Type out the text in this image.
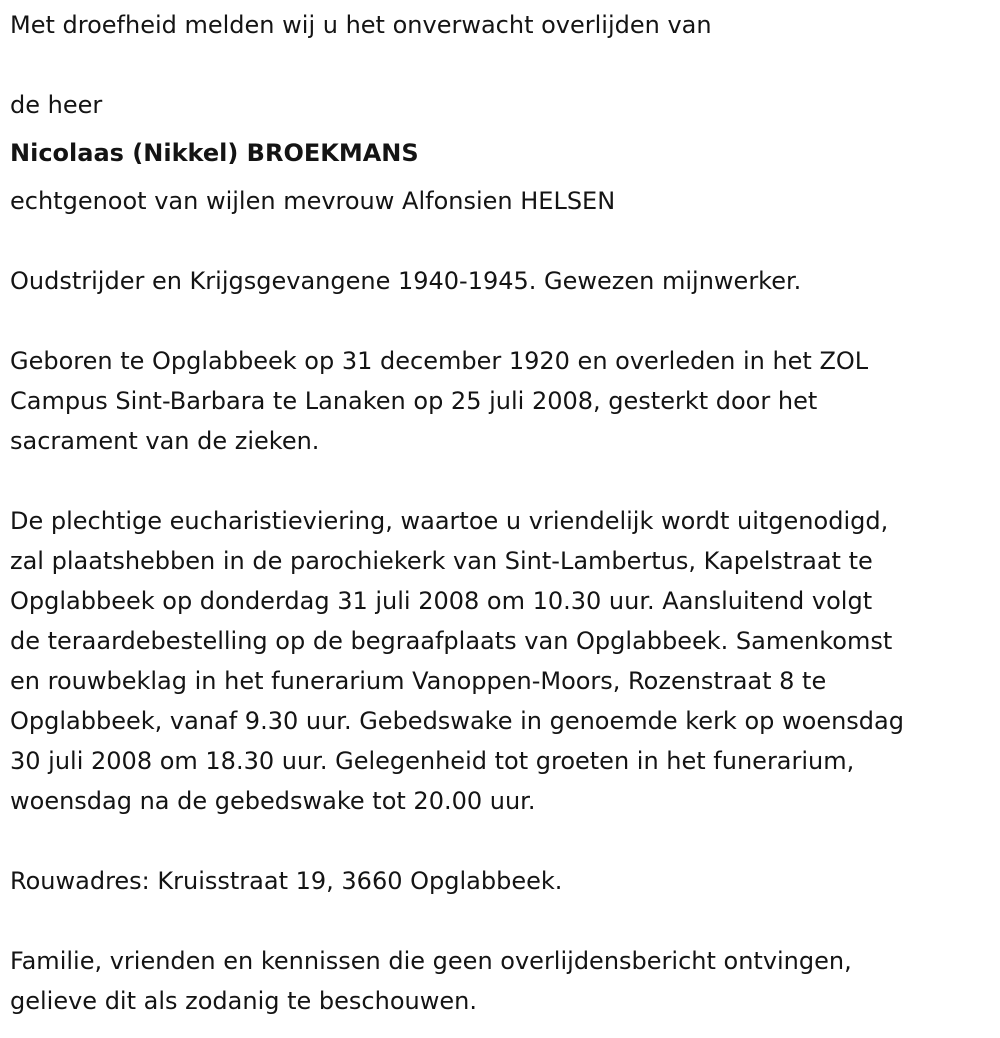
Met droefheid melden wij u het onverwacht overlijden van

de heer

Nicolaas (Nikkel) BROEKMANS

echtgenoot van wijlen mevrouw Alfonsien HELSEN

Oudstrijder en Krijgsgevangene 1940-1945. Gewezen mijnwerker.

Geboren te Opglabbeek op 31 december 1920 en overleden in het ZOL

Campus Sint-Barbara te Lanaken op 25 juli 2008, gesterkt door het

sacrament van de zieken.

De plechtige eucharistieviering, waartoe u vriendelijk wordt uitgenodigd,

zal plaatshebben in de parochiekerk van Sint-Lambertus, Kapelstraat te

Opglabbeek op donderdag 31 juli 2008 om 10.30 uur. Aansluitend volgt

de teraardebestelling op de begraafplaats van Opglabbeek. Samenkomst

en rouwbeklag in het funerarium Vanoppen-Moors, Rozenstraat 8 te

Opglabbeek, vanaf 9.30 uur. Gebedswake in genoemde kerk op woensdag

30 juli 2008 om 18.30 uur. Gelegenheid tot groeten in het funerarium,

woensdag na de gebedswake tot 20.00 uur.

Rouwadres: Kruisstraat 19, 3660 Opglabbeek.

Familie, vrienden en kennissen die geen overlijdensbericht ontvingen,

gelieve dit als zodanig te beschouwen.
